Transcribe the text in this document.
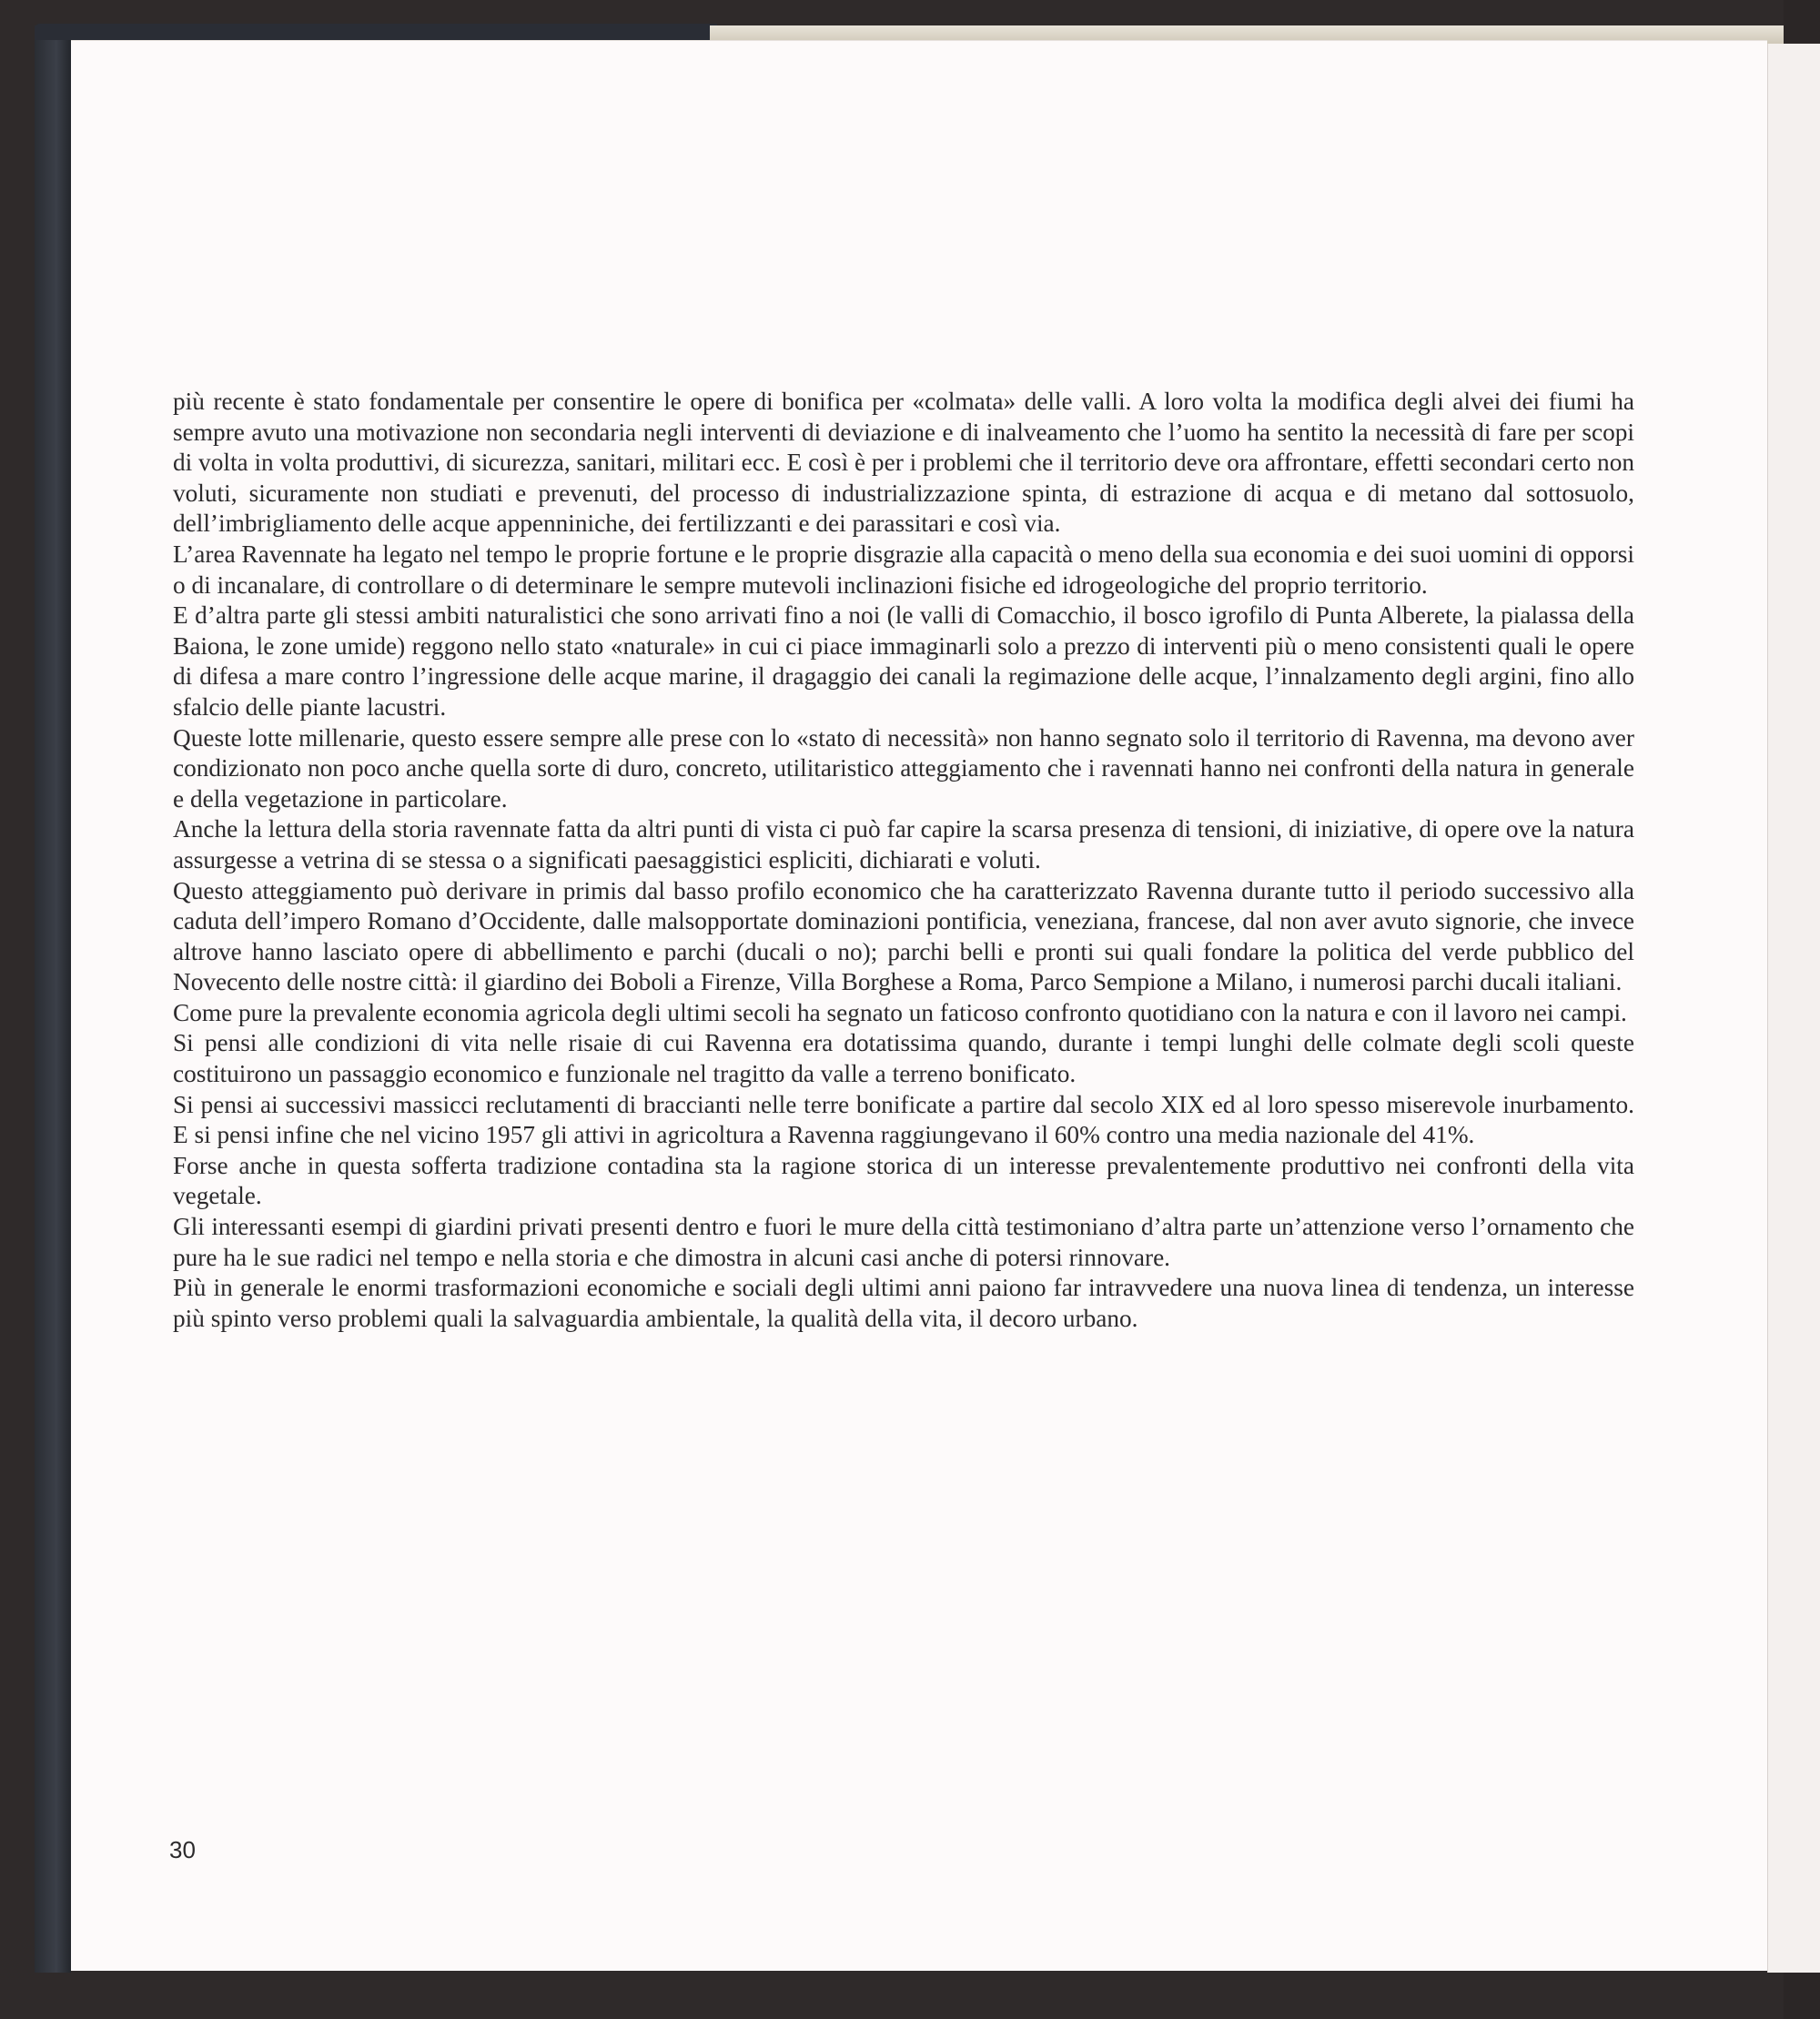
più recente è stato fondamentale per consentire le opere di bonifica per «colmata» delle valli. A loro volta la modifica degli alvei dei fiumi ha sempre avuto una motivazione non secondaria negli interventi di deviazione e di inalveamento che l’uomo ha sentito la necessità di fare per scopi di volta in volta produttivi, di sicurezza, sanitari, militari ecc. E così è per i problemi che il territorio deve ora affrontare, effetti secondari certo non voluti, sicuramente non studiati e prevenuti, del processo di industrializzazione spinta, di estrazione di acqua e di metano dal sottosuolo, dell’imbrigliamento delle acque appenniniche, dei fertilizzanti e dei parassitari e così via.

L’area Ravennate ha legato nel tempo le proprie fortune e le proprie disgrazie alla capacità o meno della sua economia e dei suoi uomini di opporsi o di incanalare, di controllare o di determinare le sempre mutevoli inclinazioni fisiche ed idrogeologiche del proprio territorio.

E d’altra parte gli stessi ambiti naturalistici che sono arrivati fino a noi (le valli di Comacchio, il bosco igrofilo di Punta Alberete, la pialassa della Baiona, le zone umide) reggono nello stato «naturale» in cui ci piace immaginarli solo a prezzo di interventi più o meno consistenti quali le opere di difesa a mare contro l’ingressione delle acque marine, il dragaggio dei canali la regimazione delle acque, l’innalzamento degli argini, fino allo sfalcio delle piante lacustri.

Queste lotte millenarie, questo essere sempre alle prese con lo «stato di necessità» non hanno segnato solo il territorio di Ravenna, ma devono aver condizionato non poco anche quella sorte di duro, concreto, utilitaristico atteggiamento che i ravennati hanno nei confronti della natura in generale e della vegetazione in particolare.

Anche la lettura della storia ravennate fatta da altri punti di vista ci può far capire la scarsa presenza di tensioni, di iniziative, di opere ove la natura assurgesse a vetrina di se stessa o a significati paesaggistici espliciti, dichiarati e voluti.

Questo atteggiamento può derivare in primis dal basso profilo economico che ha caratterizzato Ravenna durante tutto il periodo successivo alla caduta dell’impero Romano d’Occidente, dalle malsopportate dominazioni pontificia, veneziana, francese, dal non aver avuto signorie, che invece altrove hanno lasciato opere di abbellimento e parchi (ducali o no); parchi belli e pronti sui quali fondare la politica del verde pubblico del Novecento delle nostre città: il giardino dei Boboli a Firenze, Villa Borghese a Roma, Parco Sempione a Milano, i numerosi parchi ducali italiani.

Come pure la prevalente economia agricola degli ultimi secoli ha segnato un faticoso confronto quotidiano con la natura e con il lavoro nei campi.

Si pensi alle condizioni di vita nelle risaie di cui Ravenna era dotatissima quando, durante i tempi lunghi delle colmate degli scoli queste costituirono un passaggio economico e funzionale nel tragitto da valle a terreno bonificato.

Si pensi ai successivi massicci reclutamenti di braccianti nelle terre bonificate a partire dal secolo XIX ed al loro spesso miserevole inurbamento. E si pensi infine che nel vicino 1957 gli attivi in agricoltura a Ravenna raggiungevano il 60% contro una media nazionale del 41%.

Forse anche in questa sofferta tradizione contadina sta la ragione storica di un interesse prevalentemente produttivo nei confronti della vita vegetale.

Gli interessanti esempi di giardini privati presenti dentro e fuori le mure della città testimoniano d’altra parte un’attenzione verso l’ornamento che pure ha le sue radici nel tempo e nella storia e che dimostra in alcuni casi anche di potersi rinnovare.

Più in generale le enormi trasformazioni economiche e sociali degli ultimi anni paiono far intravvedere una nuova linea di tendenza, un interesse più spinto verso problemi quali la salvaguardia ambientale, la qualità della vita, il decoro urbano.

30
